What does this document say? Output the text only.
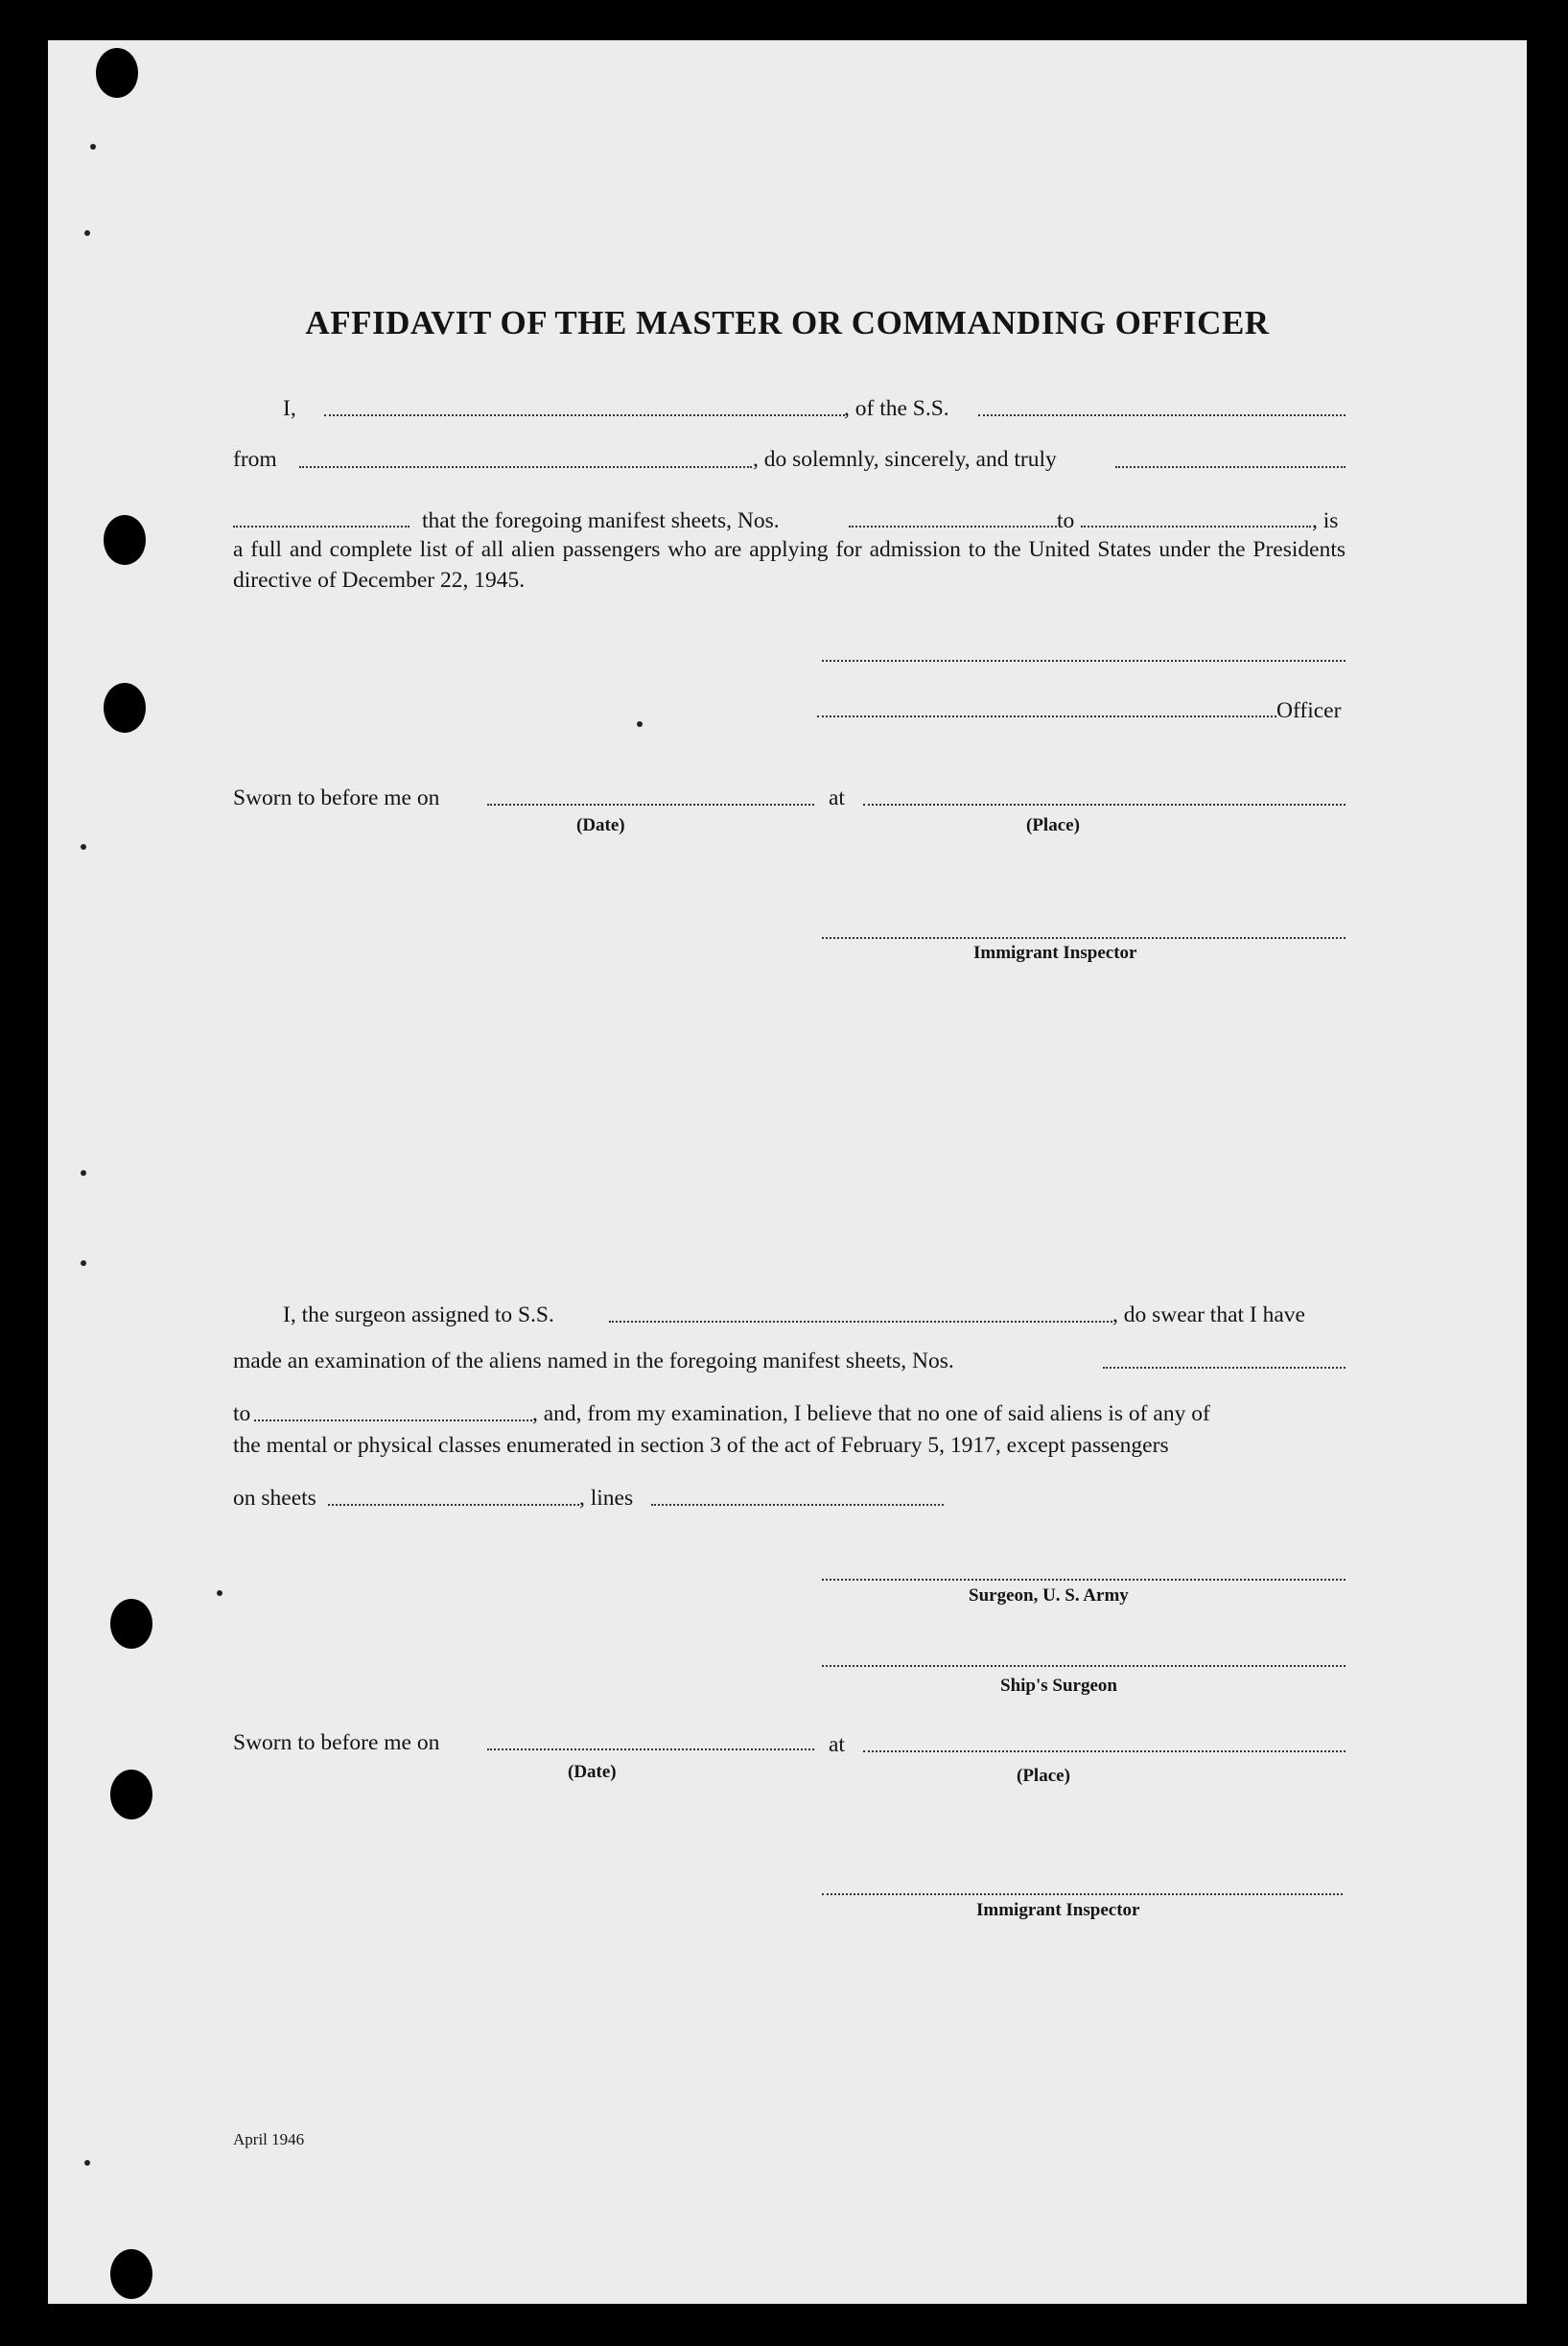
AFFIDAVIT OF THE MASTER OR COMMANDING OFFICER
I,	, of the S.S.
from	, do solemnly, sincerely, and truly
that the foregoing manifest sheets, Nos.	to	, is
a full and complete list of all alien passengers who are applying for admission to the United States under the Presidents directive of December 22, 1945.
Officer
Sworn to before me on	at
(Date)	(Place)
Immigrant Inspector
I, the surgeon assigned to S.S.	, do swear that I have
made an examination of the aliens named in the foregoing manifest sheets, Nos.
to	, and, from my examination, I believe that no one of said aliens is of any of
the mental or physical classes enumerated in section 3 of the act of February 5, 1917, except passengers
on sheets	, lines
Surgeon, U. S. Army
Ship's Surgeon
Sworn to before me on	at
(Date)	(Place)
Immigrant Inspector
April 1946
